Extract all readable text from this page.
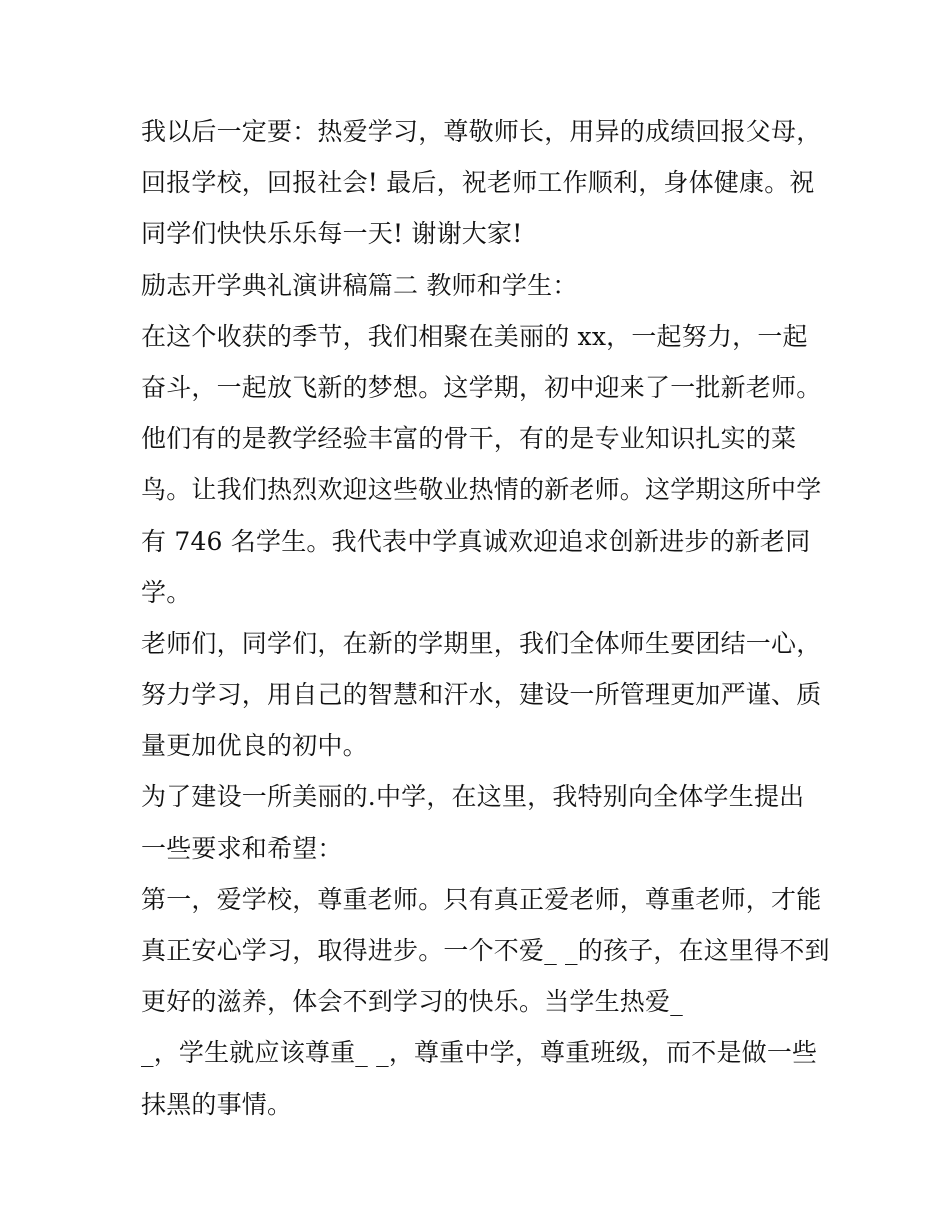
我以后一定要：热爱学习，尊敬师长，用异的成绩回报父母，
回报学校，回报社会! 最后，祝老师工作顺利，身体健康。祝
同学们快快乐乐每一天! 谢谢大家!
励志开学典礼演讲稿篇二 教师和学生：
在这个收获的季节，我们相聚在美丽的 xx，一起努力，一起
奋斗，一起放飞新的梦想。这学期，初中迎来了一批新老师。
他们有的是教学经验丰富的骨干，有的是专业知识扎实的菜
鸟。让我们热烈欢迎这些敬业热情的新老师。这学期这所中学
有 746 名学生。我代表中学真诚欢迎追求创新进步的新老同
学。
老师们，同学们，在新的学期里，我们全体师生要团结一心，
努力学习，用自己的智慧和汗水，建设一所管理更加严谨、质
量更加优良的初中。
为了建设一所美丽的.中学，在这里，我特别向全体学生提出
一些要求和希望：
第一，爱学校，尊重老师。只有真正爱老师，尊重老师，才能
真正安心学习，取得进步。一个不爱_ _的孩子，在这里得不到
更好的滋养，体会不到学习的快乐。当学生热爱_
_，学生就应该尊重_ _，尊重中学，尊重班级，而不是做一些
抹黑的事情。
